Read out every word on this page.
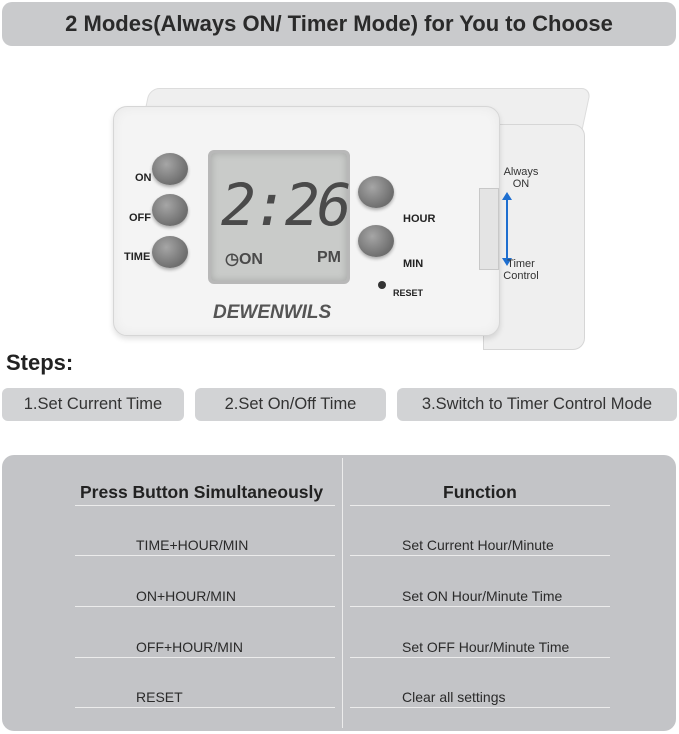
2 Modes(Always ON/ Timer Mode) for You to Choose
ON
OFF
TIME
2:26
◷ON	PM
HOUR
MIN
RESET
DEWENWILS
Always ON
Timer Control
Steps:
1.Set Current Time	2.Set On/Off Time	3.Switch to Timer Control Mode
Press Button Simultaneously	Function
TIME+HOUR/MIN	Set Current Hour/Minute
ON+HOUR/MIN	Set ON Hour/Minute Time
OFF+HOUR/MIN	Set OFF Hour/Minute Time
RESET	Clear all settings
